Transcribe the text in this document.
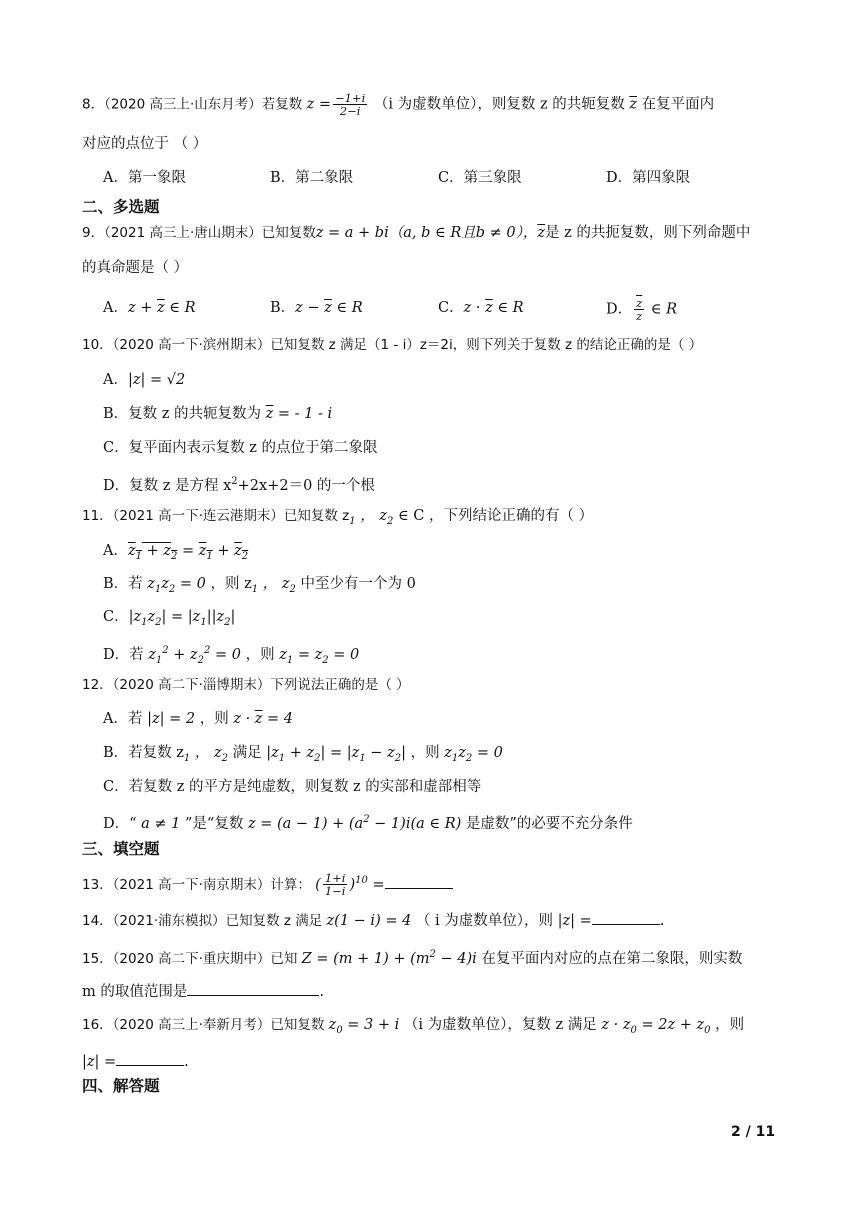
8．（2020 高三上·山东月考）若复数 $z = \frac{-1+i}{2-i} (i$ 为虚数单位），则复数 z 的共轭复数 $\overline{z}$ 在复平面内
对应的点位于 （ ）
A．第一象限	B．第二象限	C．第三象限	D．第四象限
二、多选题
9．（2021 高三上·唐山期末）已知复数z = a + bi（a, b ∈ R且b ≠ 0），$\overline{z}$是 z 的共扼复数，则下列命题中
的真命题是（ ）
A．$z + \overline{z}$ ∈ R	B．$z - \overline{z}$ ∈ R	C．$z \cdot \overline{z}$ ∈ R	D． $\frac{\overline{z}}{z}$ ∈ R
10．（2020 高一下·滨州期末）已知复数 z 满足（1 - i）z＝2i，则下列关于复数 z 的结论正确的是（ ）
A．|z| = √2
B．复数 z 的共轭复数为 $\overline{z}$ = - 1 - i
C．复平面内表示复数 z 的点位于第二象限
D．复数 z 是方程 $x^2+2x+2=0$ 的一个根
11．（2021 高一下·连云港期末）已知复数 $z_1$ ， $z_2$ ∈ C ，下列结论正确的有（ ）
A．$z_1 + z_2 = z_1 + z_2$
B．若 $z_1z_2 = 0$ ，则 $z_1$ ， $z_2$ 中至少有一个为 0
C．$|z_1z_2| = |z_1||z_2|$
D．若 $z_1^2 + z_2^2 = 0$ ，则 $z_1 = z_2 = 0$
12．（2020 高二下·淄博期末）下列说法正确的是（ ）
A．若 |z| = 2 ，则 $z \cdot \overline{z} = 4$
B．若复数 $z_1$ ， $z_2$ 满足 $|z_1 + z_2| = |z_1 - z_2|$ ，则 $z_1z_2 = 0$
C．若复数 z 的平方是纯虚数，则复数 z 的实部和虚部相等
D．“ a ≠ 1 ”是“复数 $z = (a - 1) + (a^2 - 1)i(a$ ∈ R) 是虚数”的必要不充分条件
三、填空题
13．（2021 高一下·南京期末）计算： ( $\frac{1+i}{1-i} )^{10}$ =
14．（2021·浦东模拟）已知复数 z 满足 z(1 − i) = 4 （ i 为虚数单位），则 |z| =	.
15．（2020 高二下·重庆期中）已知 $Z = (m + 1) + (m^2 - 4)i$ 在复平面内对应的点在第二象限，则实数
m 的取值范围是	.
16．（2020 高三上·奉新月考）已知复数 $z_0 = 3 + i$ （i 为虚数单位），复数 z 满足 $z \cdot z_0 = 2z + z_0$ ，则
|z| =	.
四、解答题
2 / 11
